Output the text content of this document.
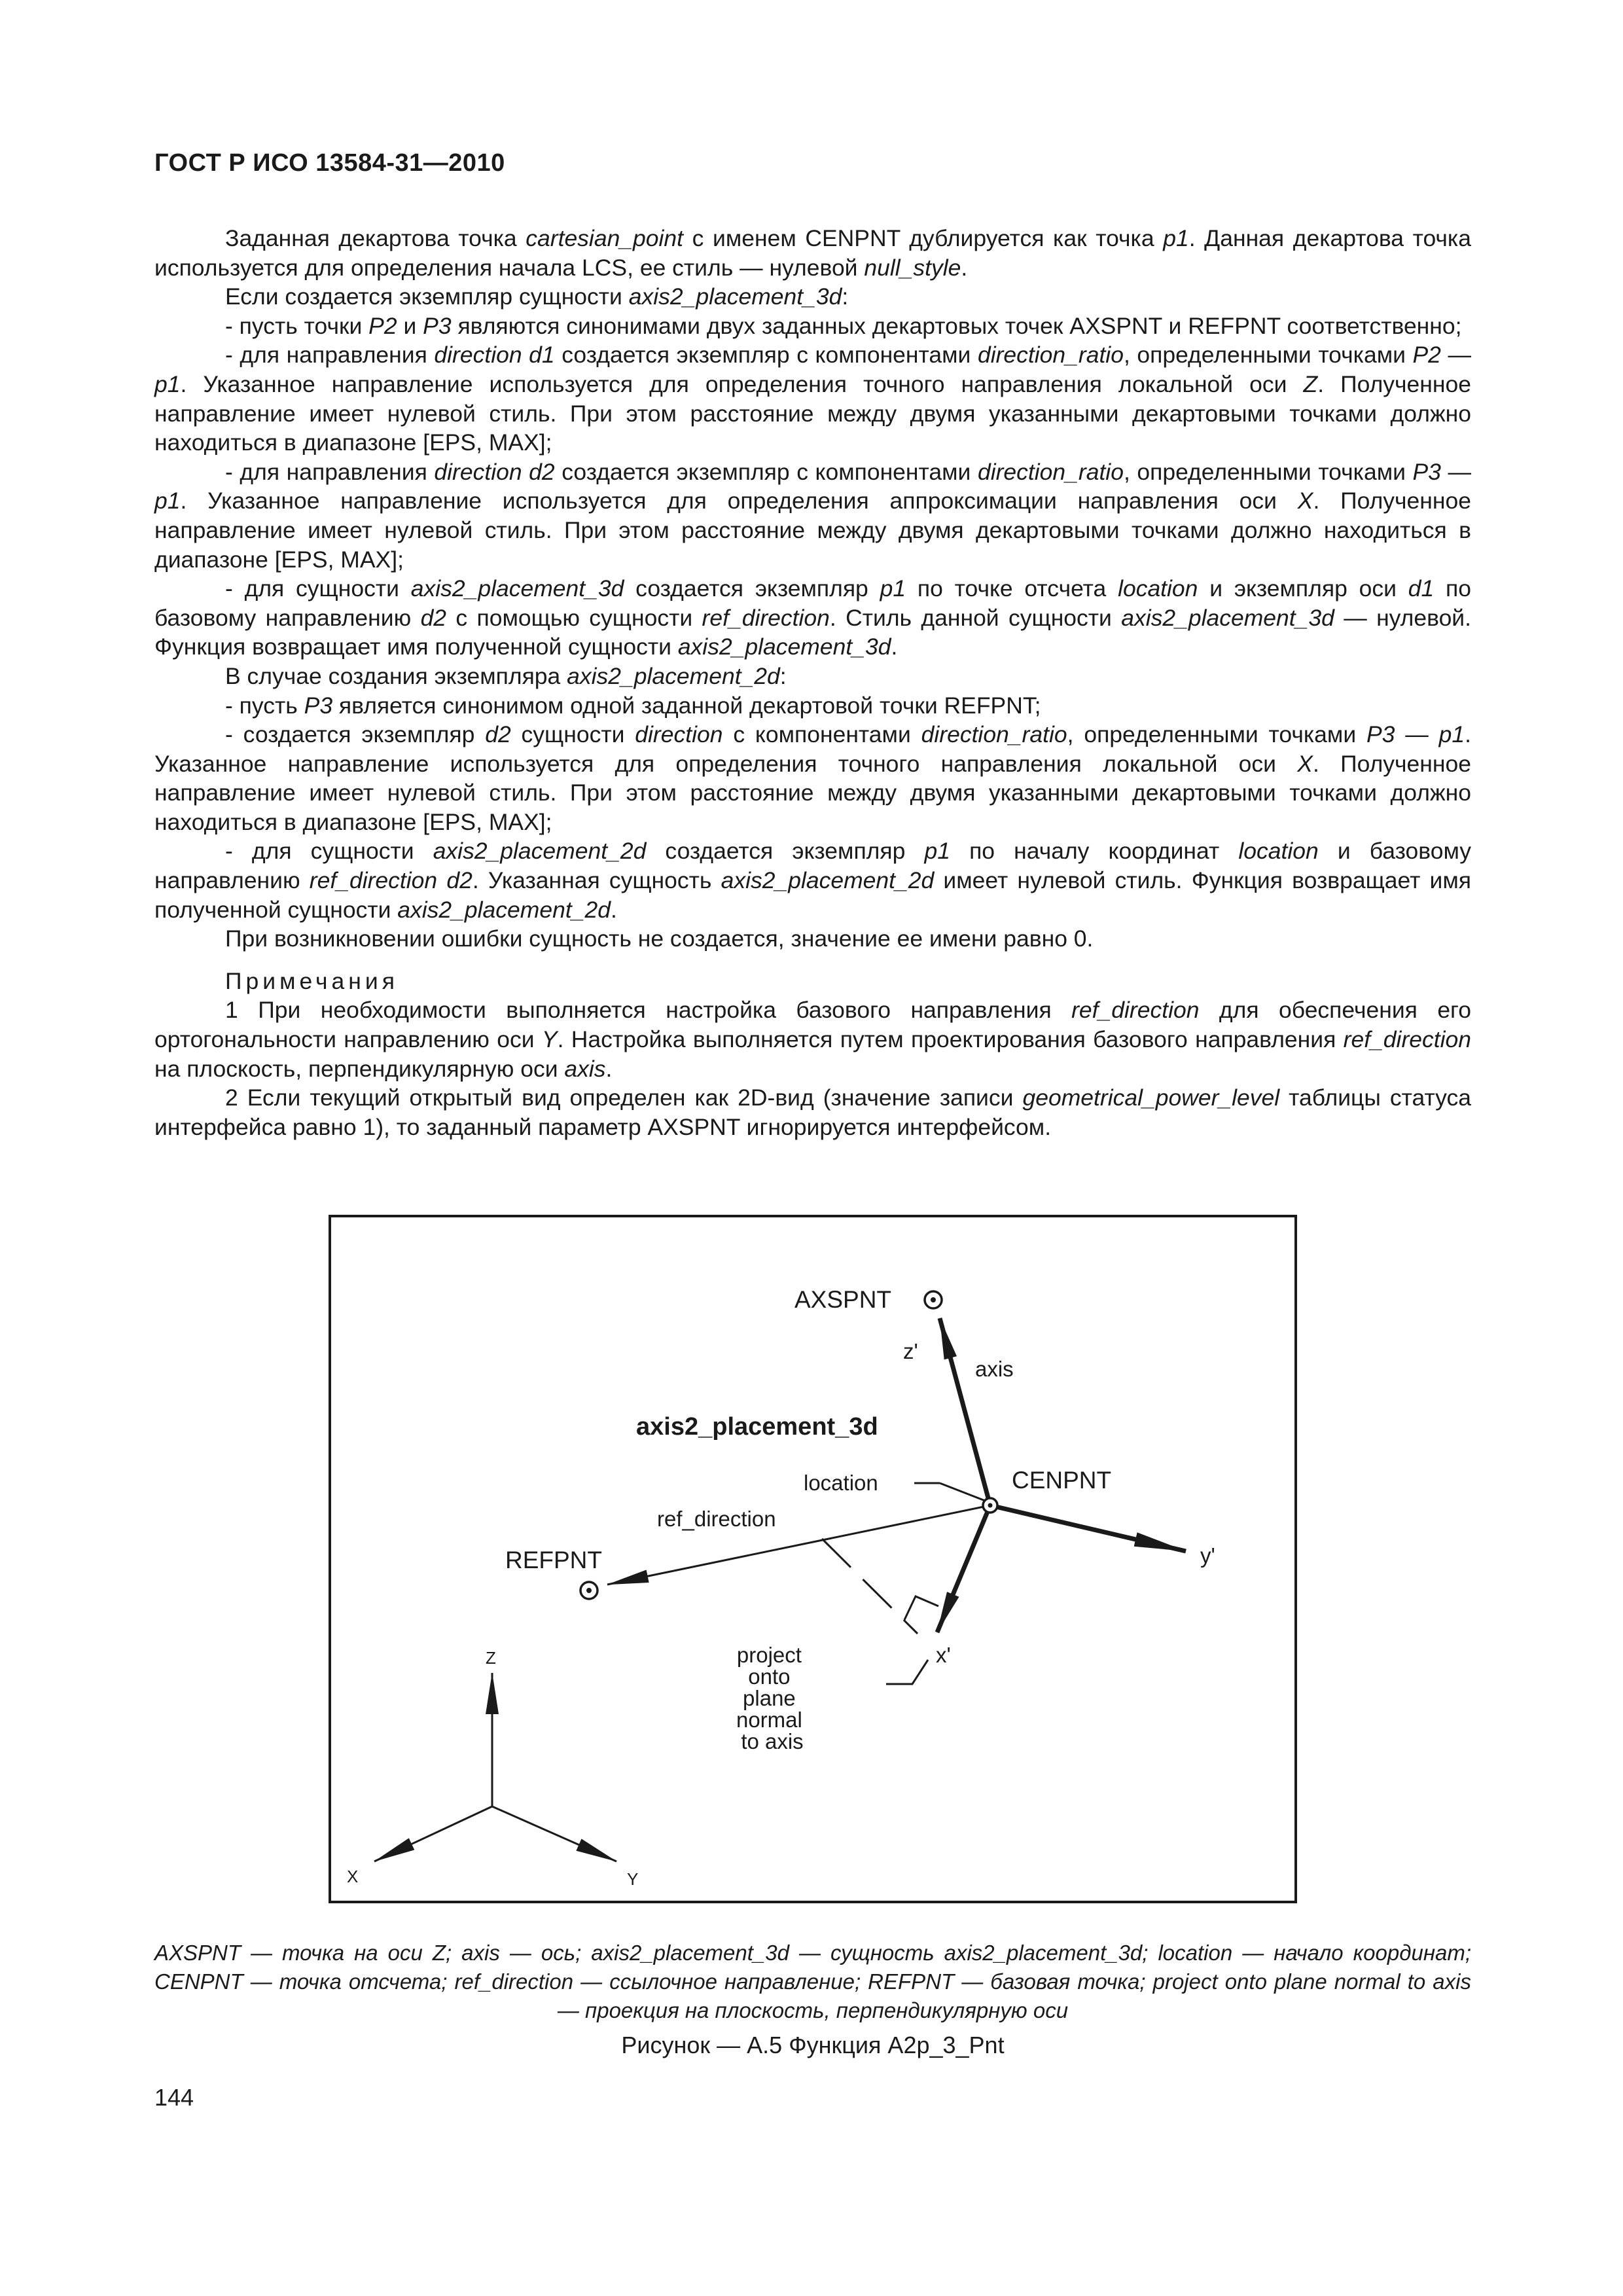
ГОСТ Р ИСО 13584-31—2010

Заданная декартова точка cartesian_point с именем CENPNT дублируется как точка p1. Данная декартова точка используется для определения начала LCS, ее стиль — нулевой null_style.

Если создается экземпляр сущности axis2_placement_3d:

- пусть точки P2 и P3 являются синонимами двух заданных декартовых точек AXSPNT и REFPNT соответственно;

- для направления direction d1 создается экземпляр с компонентами direction_ratio, определенными точками P2 — p1. Указанное направление используется для определения точного направления локальной оси Z. Полученное направление имеет нулевой стиль. При этом расстояние между двумя указанными декартовыми точками должно находиться в диапазоне [EPS, MAX];

- для направления direction d2 создается экземпляр с компонентами direction_ratio, определенными точками P3 — p1. Указанное направление используется для определения аппроксимации направления оси X. Полученное направление имеет нулевой стиль. При этом расстояние между двумя декартовыми точками должно находиться в диапазоне [EPS, MAX];

- для сущности axis2_placement_3d создается экземпляр p1 по точке отсчета location и экземпляр оси d1 по базовому направлению d2 с помощью сущности ref_direction. Стиль данной сущности axis2_placement_3d — нулевой. Функция возвращает имя полученной сущности axis2_placement_3d.

В случае создания экземпляра axis2_placement_2d:

- пусть P3 является синонимом одной заданной декартовой точки REFPNT;

- создается экземпляр d2 сущности direction с компонентами direction_ratio, определенными точками P3 — p1. Указанное направление используется для определения точного направления локальной оси X. Полученное направление имеет нулевой стиль. При этом расстояние между двумя указанными декартовыми точками должно находиться в диапазоне [EPS, MAX];

- для сущности axis2_placement_2d создается экземпляр p1 по началу координат location и базовому направлению ref_direction d2. Указанная сущность axis2_placement_2d имеет нулевой стиль. Функция возвращает имя полученной сущности axis2_placement_2d.

При возникновении ошибки сущность не создается, значение ее имени равно 0.

Примечания

1 При необходимости выполняется настройка базового направления ref_direction для обеспечения его ортогональности направлению оси Y. Настройка выполняется путем проектирования базового направления ref_direction на плоскость, перпендикулярную оси axis.

2 Если текущий открытый вид определен как 2D-вид (значение записи geometrical_power_level таблицы статуса интерфейса равно 1), то заданный параметр AXSPNT игнорируется интерфейсом.

AXSPNT
z'
axis
axis2_placement_3d
location	CENPNT
ref_direction
REFPNT	y'
x'
project onto plane normal to axis
Z
X	Y
AXSPNT — точка на оси Z; axis — ось; axis2_placement_3d — сущность axis2_placement_3d; location — начало координат; CENPNT — точка отсчета; ref_direction — ссылочное направление; REFPNT — базовая точка; project onto plane normal to axis — проекция на плоскость, перпендикулярную оси
Рисунок — А.5 Функция A2p_3_Pnt
144
